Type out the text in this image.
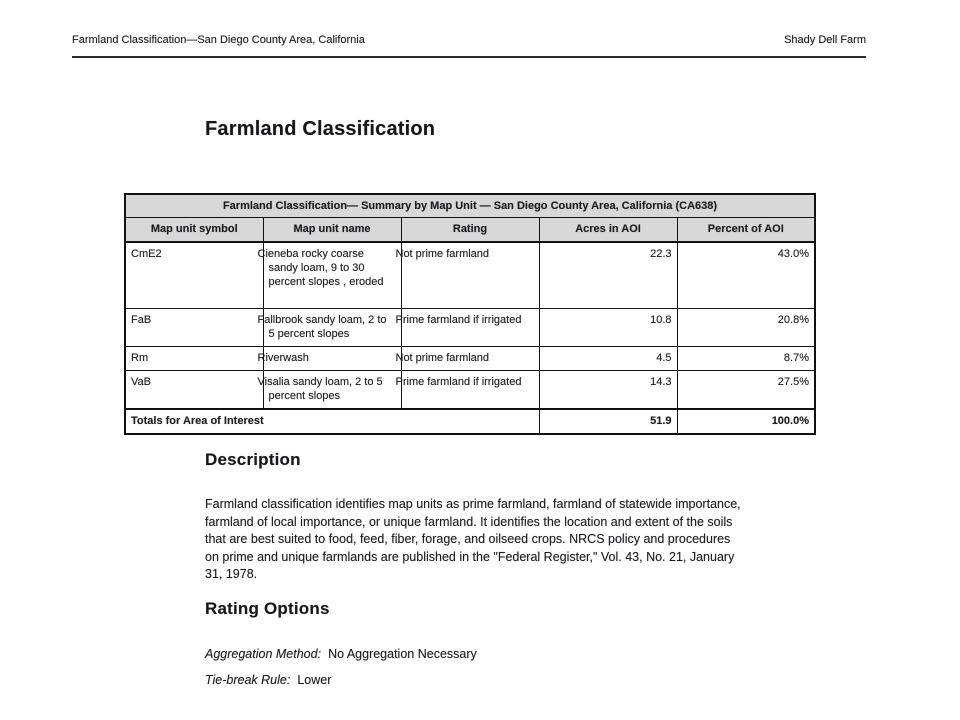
Farmland Classification—San Diego County Area, California	Shady Dell Farm
Farmland Classification
Farmland Classification— Summary by Map Unit — San Diego County Area, California (CA638)				
Map unit symbol	Map unit name	Rating	Acres in AOI	Percent of AOI
CmE2	Cieneba rocky coarse sandy loam, 9 to 30 percent slopes , eroded	Not prime farmland	22.3	43.0%
FaB	Fallbrook sandy loam, 2 to 5 percent slopes	Prime farmland if irrigated	10.8	20.8%
Rm	Riverwash	Not prime farmland	4.5	8.7%
VaB	Visalia sandy loam, 2 to 5 percent slopes	Prime farmland if irrigated	14.3	27.5%
Totals for Area of Interest			51.9	100.0%
Description

Farmland classification identifies map units as prime farmland, farmland of statewide importance, farmland of local importance, or unique farmland. It identifies the location and extent of the soils that are best suited to food, feed, fiber, forage, and oilseed crops. NRCS policy and procedures on prime and unique farmlands are published in the "Federal Register," Vol. 43, No. 21, January 31, 1978.

Rating Options

Aggregation Method: No Aggregation Necessary

Tie-break Rule: Lower
